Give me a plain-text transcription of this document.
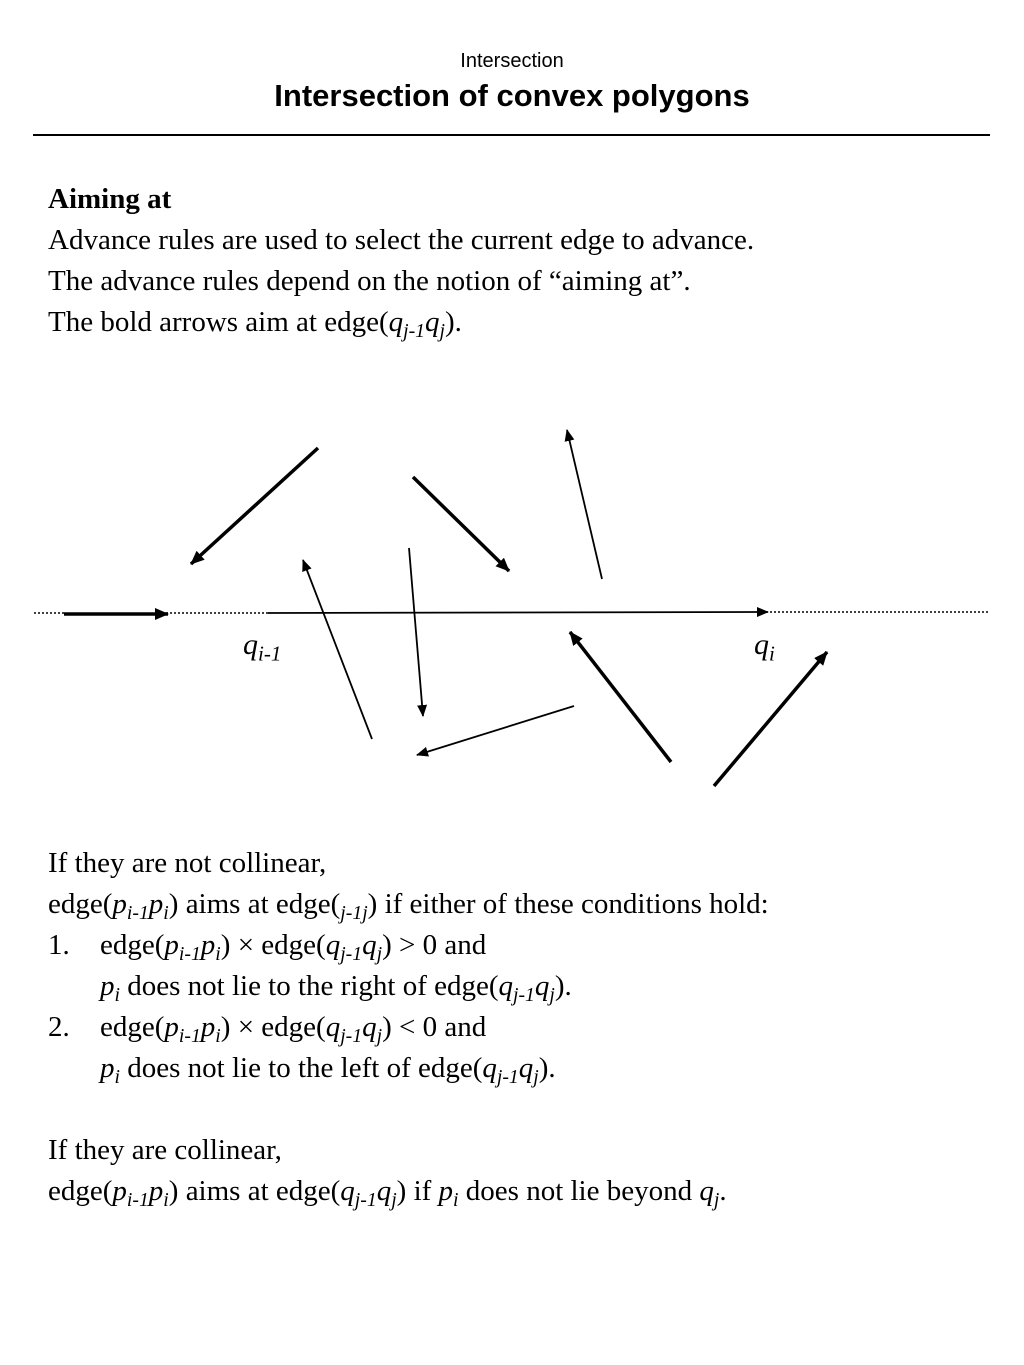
Intersection
Intersection of convex polygons
Aiming at
Advance rules are used to select the current edge to advance.
The advance rules depend on the notion of “aiming at”.
The bold arrows aim at $edge(q_{j-1}q_j)$.
$q_{i-1}$	$q_i$
If they are not collinear,
$edge(p_{i-1}p_i)$ aims at $edge(_{j-1j})$ if either of these conditions hold:
1. $edge(p_{i-1}p_i)$ × $edge(q_{j-1}q_j) > 0$ and
$p_i$ does not lie to the right of $edge(q_{j-1}q_j)$.
2. $edge(p_{i-1}p_i)$ × $edge(q_{j-1}q_j) < 0$ and
$p_i$ does not lie to the left of $edge(q_{j-1}q_j)$.
If they are collinear,
$edge(p_{i-1}p_i)$ aims at $edge(q_{j-1}q_j)$ if $p_i$ does not lie beyond $q_j$.
